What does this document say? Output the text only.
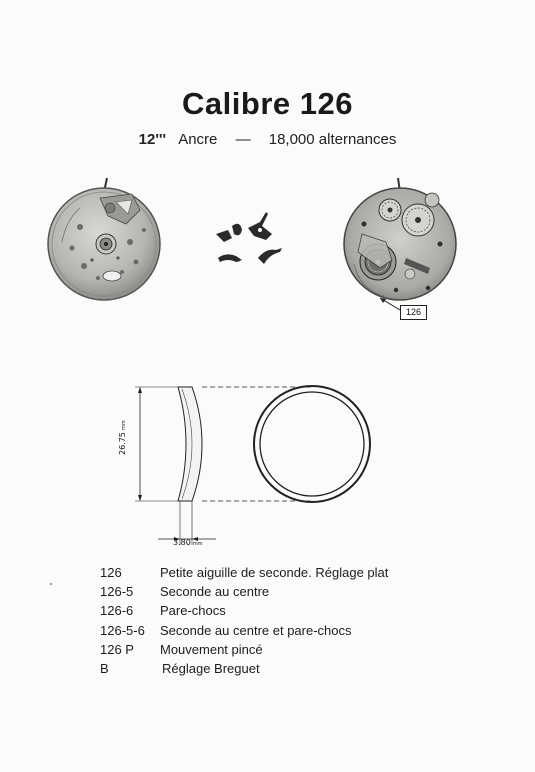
Calibre 126
12''' Ancre — 18,000 alternances
126
26.75mm
3.80 mm
126	Petite aiguille de seconde. Réglage plat
126-5 Seconde au centre
126-6 Pare-chocs
126-5-6 Seconde au centre et pare-chocs
126 P Mouvement pincé
B	Réglage Breguet
